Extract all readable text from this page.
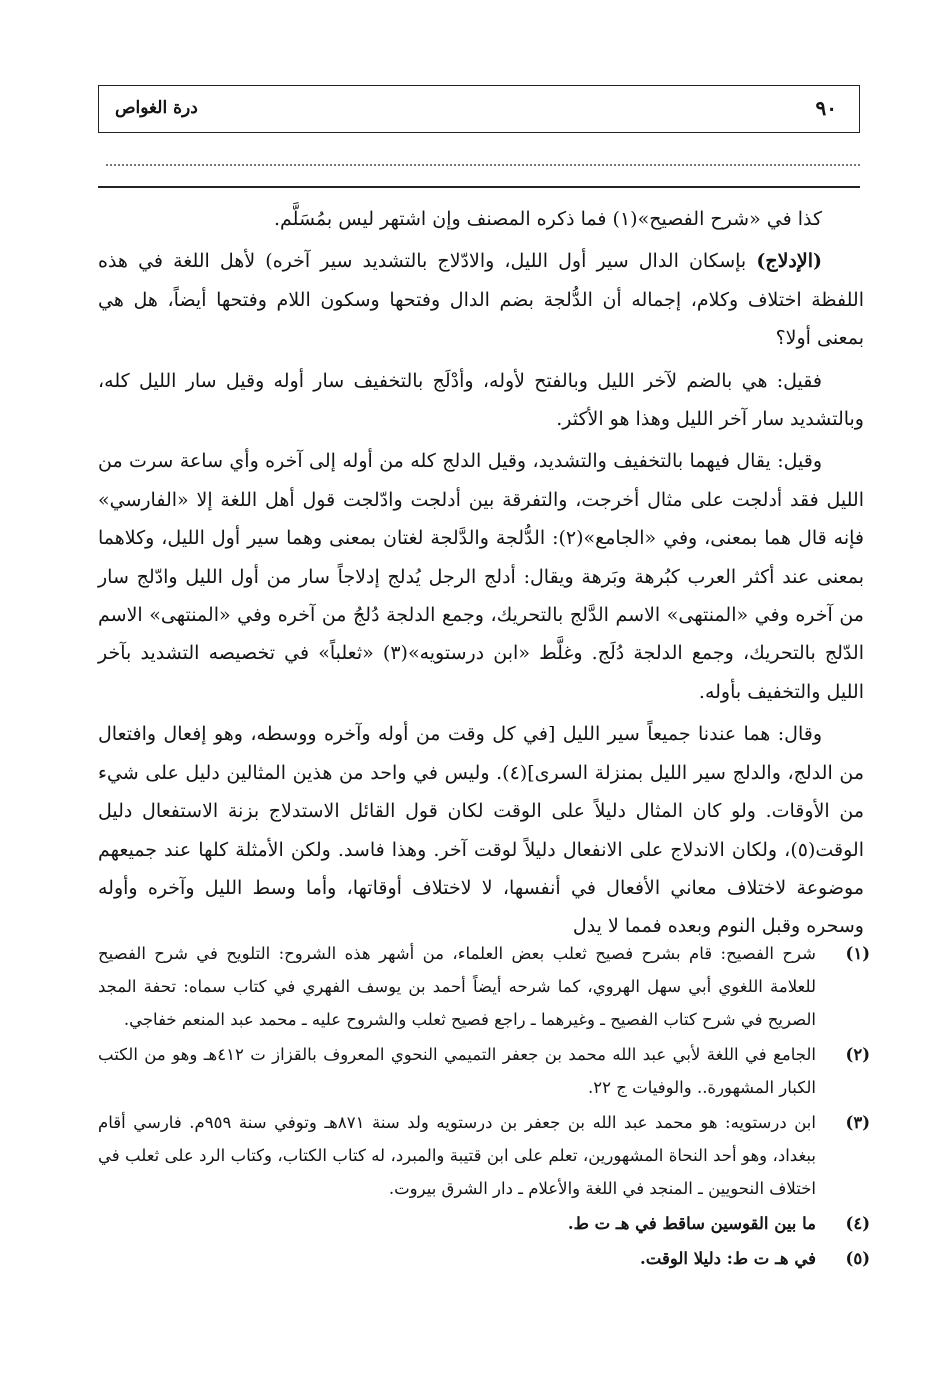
٩٠
درة الغواص

كذا في «شرح الفصيح»(١) فما ذكره المصنف وإن اشتهر ليس بمُسَلَّم.

(الإدلاج) بإسكان الدال سير أول الليل، والادّلاج بالتشديد سير آخره) لأهل اللغة في هذه اللفظة اختلاف وكلام، إجماله أن الدُّلجة بضم الدال وفتحها وسكون اللام وفتحها أيضاً، هل هي بمعنى أولا؟

فقيل: هي بالضم لآخر الليل وبالفتح لأوله، وأدْلَج بالتخفيف سار أوله وقيل سار الليل كله، وبالتشديد سار آخر الليل وهذا هو الأكثر.

وقيل: يقال فيهما بالتخفيف والتشديد، وقيل الدلج كله من أوله إلى آخره وأي ساعة سرت من الليل فقد أدلجت على مثال أخرجت، والتفرقة بين أدلجت وادّلجت قول أهل اللغة إلا «الفارسي» فإنه قال هما بمعنى، وفي «الجامع»(٢): الدُّلجة والدَّلجة لغتان بمعنى وهما سير أول الليل، وكلاهما بمعنى عند أكثر العرب كبُرهة وبَرهة ويقال: أدلج الرجل يُدلج إدلاجاً سار من أول الليل وادّلج سار من آخره وفي «المنتهى» الاسم الدَّلج بالتحريك، وجمع الدلجة دُلجُ من آخره وفي «المنتهى» الاسم الدّلج بالتحريك، وجمع الدلجة دُلَج. وغلَّط «ابن درستويه»(٣) «ثعلباً» في تخصيصه التشديد بآخر الليل والتخفيف بأوله.

وقال: هما عندنا جميعاً سير الليل [في كل وقت من أوله وآخره ووسطه، وهو إفعال وافتعال من الدلج، والدلج سير الليل بمنزلة السرى](٤). وليس في واحد من هذين المثالين دليل على شيء من الأوقات. ولو كان المثال دليلاً على الوقت لكان قول القائل الاستدلاج بزنة الاستفعال دليل الوقت(٥)، ولكان الاندلاج على الانفعال دليلاً لوقت آخر. وهذا فاسد. ولكن الأمثلة كلها عند جميعهم موضوعة لاختلاف معاني الأفعال في أنفسها، لا لاختلاف أوقاتها، وأما وسط الليل وآخره وأوله وسحره وقبل النوم وبعده فمما لا يدل

(١)
شرح الفصيح: قام بشرح فصيح ثعلب بعض العلماء، من أشهر هذه الشروح: التلويح في شرح الفصيح للعلامة اللغوي أبي سهل الهروي، كما شرحه أيضاً أحمد بن يوسف الفهري في كتاب سماه: تحفة المجد الصريح في شرح كتاب الفصيح ـ وغيرهما ـ راجع فصيح ثعلب والشروح عليه ـ محمد عبد المنعم خفاجي.
(٢)
الجامع في اللغة لأبي عبد الله محمد بن جعفر التميمي النحوي المعروف بالقزاز ت ٤١٢هـ وهو من الكتب الكبار المشهورة.. والوفيات ج ٢٢.
(٣)
ابن درستويه: هو محمد عبد الله بن جعفر بن درستويه ولد سنة ٨٧١هـ وتوفي سنة ٩٥٩م. فارسي أقام ببغداد، وهو أحد النحاة المشهورين، تعلم على ابن قتيبة والمبرد، له كتاب الكتاب، وكتاب الرد على ثعلب في اختلاف النحويين ـ المنجد في اللغة والأعلام ـ دار الشرق بيروت.
(٤)
ما بين القوسين ساقط في هـ ت ط.
(٥)
في هـ ت ط: دليلا الوقت.
